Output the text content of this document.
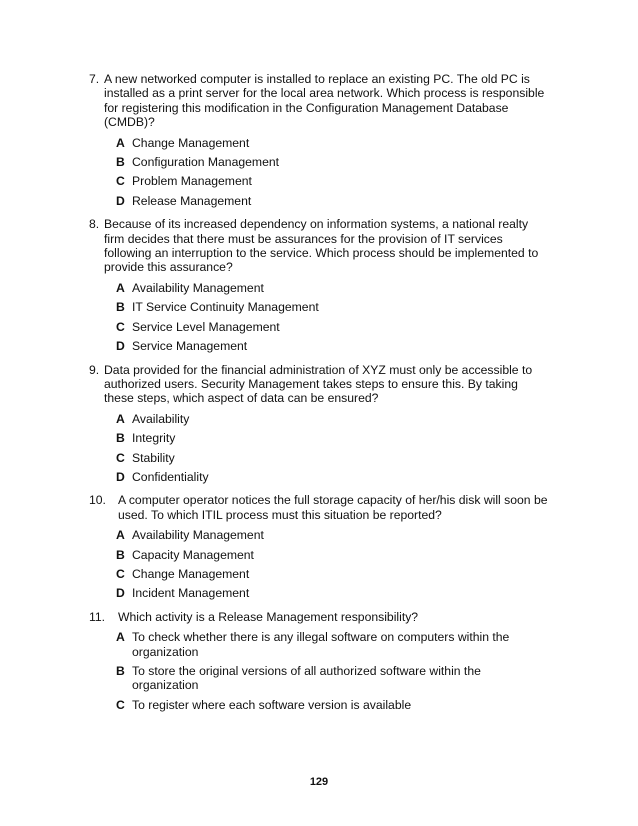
7. A new networked computer is installed to replace an existing PC. The old PC is installed as a print server for the local area network. Which process is responsible for registering this modification in the Configuration Management Database (CMDB)?
A Change Management
B Configuration Management
C Problem Management
D Release Management
8. Because of its increased dependency on information systems, a national realty firm decides that there must be assurances for the provision of IT services following an interruption to the service. Which process should be implemented to provide this assurance?
A Availability Management
B IT Service Continuity Management
C Service Level Management
D Service Management
9. Data provided for the financial administration of XYZ must only be accessible to authorized users. Security Management takes steps to ensure this. By taking these steps, which aspect of data can be ensured?
A Availability
B Integrity
C Stability
D Confidentiality
10. A computer operator notices the full storage capacity of her/his disk will soon be used. To which ITIL process must this situation be reported?
A Availability Management
B Capacity Management
C Change Management
D Incident Management
11.	Which activity is a Release Management responsibility?
A To check whether there is any illegal software on computers within the organization
B To store the original versions of all authorized software within the organization
C To register where each software version is available
129
